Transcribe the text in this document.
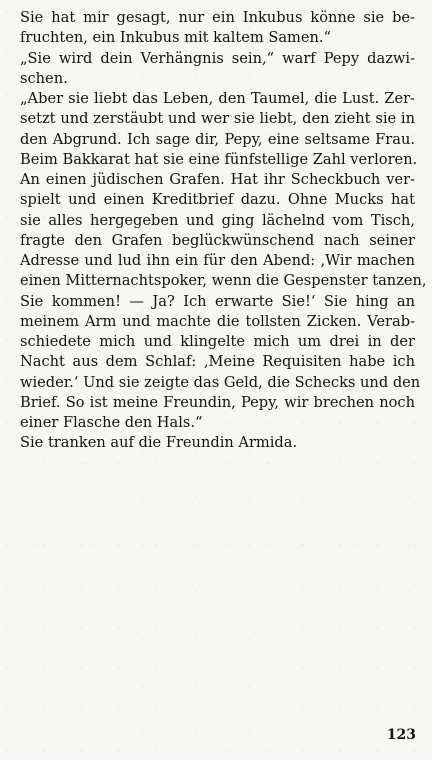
Sie hat mir gesagt, nur ein Inkubus könne sie be-
fruchten, ein Inkubus mit kaltem Samen.“
„Sie wird dein Verhängnis sein,“ warf Pepy dazwi-
schen.
„Aber sie liebt das Leben, den Taumel, die Lust. Zer-
setzt und zerstäubt und wer sie liebt, den zieht sie in
den Abgrund. Ich sage dir, Pepy, eine seltsame Frau.
Beim Bakkarat hat sie eine fünfstellige Zahl verloren.
An einen jüdischen Grafen. Hat ihr Scheckbuch ver-
spielt und einen Kreditbrief dazu. Ohne Mucks hat
sie alles hergegeben und ging lächelnd vom Tisch,
fragte den Grafen beglückwünschend nach seiner
Adresse und lud ihn ein für den Abend: ‚Wir machen
einen Mitternachtspoker, wenn die Gespenster tanzen,
Sie kommen! — Ja? Ich erwarte Sie!‘ Sie hing an
meinem Arm und machte die tollsten Zicken. Verab-
schiedete mich und klingelte mich um drei in der
Nacht aus dem Schlaf: ‚Meine Requisiten habe ich
wieder.‘ Und sie zeigte das Geld, die Schecks und den
Brief. So ist meine Freundin, Pepy, wir brechen noch
einer Flasche den Hals.“
Sie tranken auf die Freundin Armida.
123
